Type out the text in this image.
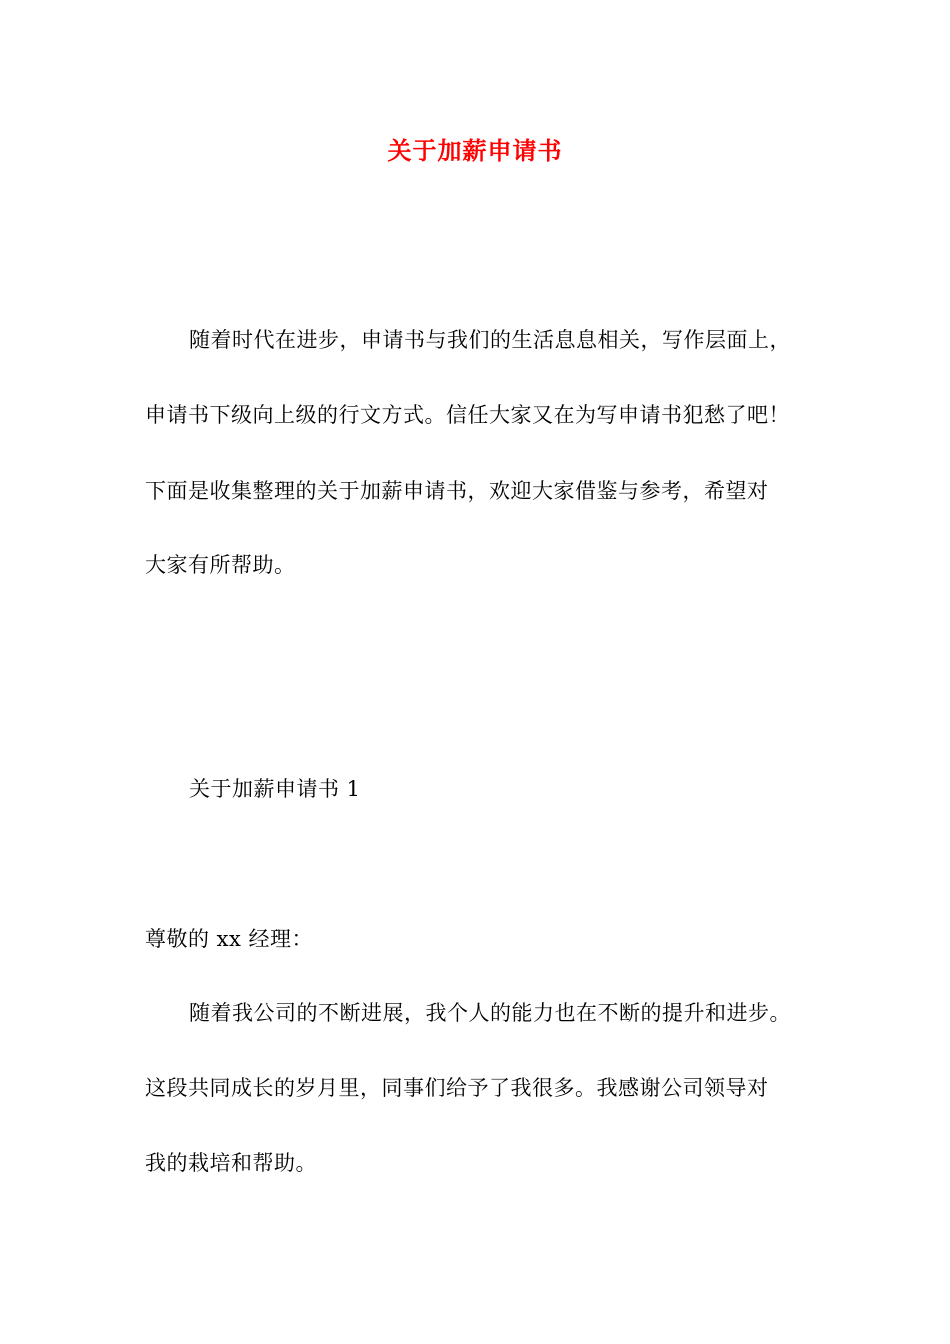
关于加薪申请书
随着时代在进步，申请书与我们的生活息息相关，写作层面上，
申请书下级向上级的行文方式。信任大家又在为写申请书犯愁了吧！
下面是收集整理的关于加薪申请书，欢迎大家借鉴与参考，希望对
大家有所帮助。
关于加薪申请书 1
尊敬的 xx 经理：
随着我公司的不断进展，我个人的能力也在不断的提升和进步。
这段共同成长的岁月里，同事们给予了我很多。我感谢公司领导对
我的栽培和帮助。
